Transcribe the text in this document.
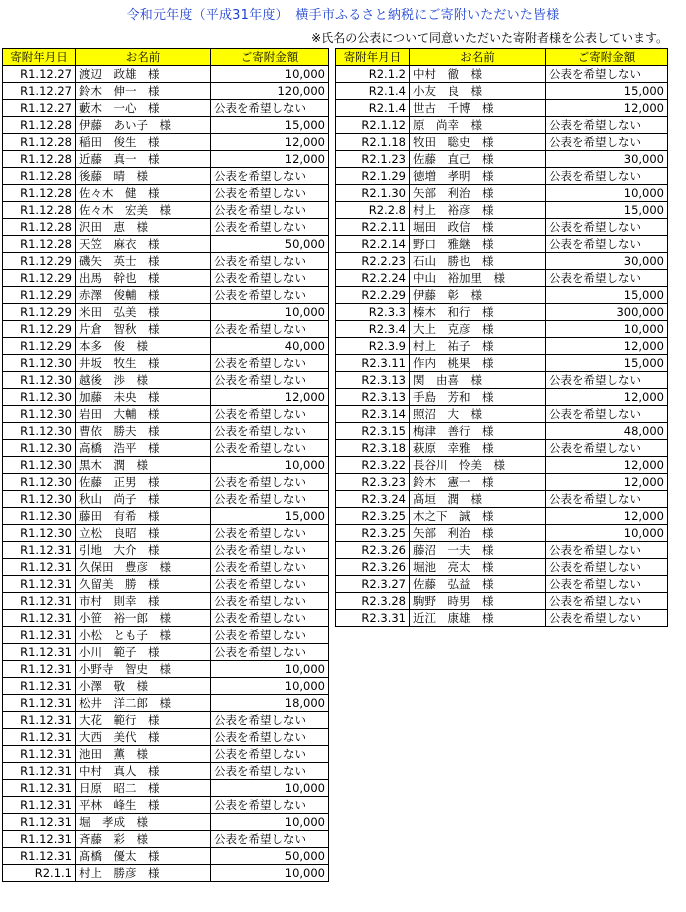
令和元年度（平成31年度）　横手市ふるさと納税にご寄附いただいた皆様
※氏名の公表について同意いただいた寄附者様を公表しています。
寄附年月日	お名前	ご寄附金額
R1.12.27	渡辺　政雄　様	10,000
R1.12.27	鈴木　伸一　様	120,000
R1.12.27	藪木　一心　様	公表を希望しない
R1.12.28	伊藤　あい子　様	15,000
R1.12.28	稲田　俊生　様	12,000
R1.12.28	近藤　真一　様	12,000
R1.12.28	後藤　晴　様	公表を希望しない
R1.12.28	佐々木　健　様	公表を希望しない
R1.12.28	佐々木　宏美　様	公表を希望しない
R1.12.28	沢田　恵　様	公表を希望しない
R1.12.28	天笠　麻衣　様	50,000
R1.12.29	磯矢　英士　様	公表を希望しない
R1.12.29	出馬　幹也　様	公表を希望しない
R1.12.29	赤澤　俊輔　様	公表を希望しない
R1.12.29	米田　弘美　様	10,000
R1.12.29	片倉　智秋　様	公表を希望しない
R1.12.29	本多　俊　様	40,000
R1.12.30	井坂　牧生　様	公表を希望しない
R1.12.30	越後　渉　様	公表を希望しない
R1.12.30	加藤　未央　様	12,000
R1.12.30	岩田　大輔　様	公表を希望しない
R1.12.30	曹依　勝夫　様	公表を希望しない
R1.12.30	高橋　浩平　様	公表を希望しない
R1.12.30	黒木　潤　様	10,000
R1.12.30	佐藤　正男　様	公表を希望しない
R1.12.30	秋山　尚子　様	公表を希望しない
R1.12.30	藤田　有希　様	15,000
R1.12.30	立松　良昭　様	公表を希望しない
R1.12.31	引地　大介　様	公表を希望しない
R1.12.31	久保田　豊彦　様	公表を希望しない
R1.12.31	久留美　勝　様	公表を希望しない
R1.12.31	市村　則幸　様	公表を希望しない
R1.12.31	小笹　裕一郎　様	公表を希望しない
R1.12.31	小松　とも子　様	公表を希望しない
R1.12.31	小川　範子　様	公表を希望しない
R1.12.31	小野寺　智史　様	10,000
R1.12.31	小澤　敬　様	10,000
R1.12.31	松井　洋二郎　様	18,000
R1.12.31	大花　範行　様	公表を希望しない
R1.12.31	大西　美代　様	公表を希望しない
R1.12.31	池田　薫　様	公表を希望しない
R1.12.31	中村　真人　様	公表を希望しない
R1.12.31	日原　昭二　様	10,000
R1.12.31	平林　峰生　様	公表を希望しない
R1.12.31	堀　孝成　様	10,000
R1.12.31	斉藤　彩　様	公表を希望しない
R1.12.31	髙橋　優太　様	50,000
R2.1.1	村上　勝彦　様	10,000
寄附年月日	お名前	ご寄附金額
R2.1.2	中村　徹　様	公表を希望しない
R2.1.4	小友　良　様	15,000
R2.1.4	世古　千博　様	12,000
R2.1.12	原　尚幸　様	公表を希望しない
R2.1.18	牧田　聡史　様	公表を希望しない
R2.1.23	佐藤　直己　様	30,000
R2.1.29	徳増　孝明　様	公表を希望しない
R2.1.30	矢部　利治　様	10,000
R2.2.8	村上　裕彦　様	15,000
R2.2.11	堀田　政信　様	公表を希望しない
R2.2.14	野口　雅継　様	公表を希望しない
R2.2.23	石山　勝也　様	30,000
R2.2.24	中山　裕加里　様	公表を希望しない
R2.2.29	伊藤　彰　様	15,000
R2.3.3	榛木　和行　様	300,000
R2.3.4	大上　克彦　様	10,000
R2.3.9	村上　祐子　様	12,000
R2.3.11	作内　桃果　様	15,000
R2.3.13	関　由喜　様	公表を希望しない
R2.3.13	手島　芳和　様	12,000
R2.3.14	照沼　大　様	公表を希望しない
R2.3.15	梅津　善行　様	48,000
R2.3.18	萩原　幸雅　様	公表を希望しない
R2.3.22	長谷川　怜美　様	12,000
R2.3.23	鈴木　憲一　様	12,000
R2.3.24	髙垣　潤　様	公表を希望しない
R2.3.25	木之下　誠　様	12,000
R2.3.25	矢部　利治　様	10,000
R2.3.26	藤沼　一夫　様	公表を希望しない
R2.3.26	堀池　亮太　様	公表を希望しない
R2.3.27	佐藤　弘益　様	公表を希望しない
R2.3.28	駒野　時男　様	公表を希望しない
R2.3.31	近江　康雄　様	公表を希望しない
